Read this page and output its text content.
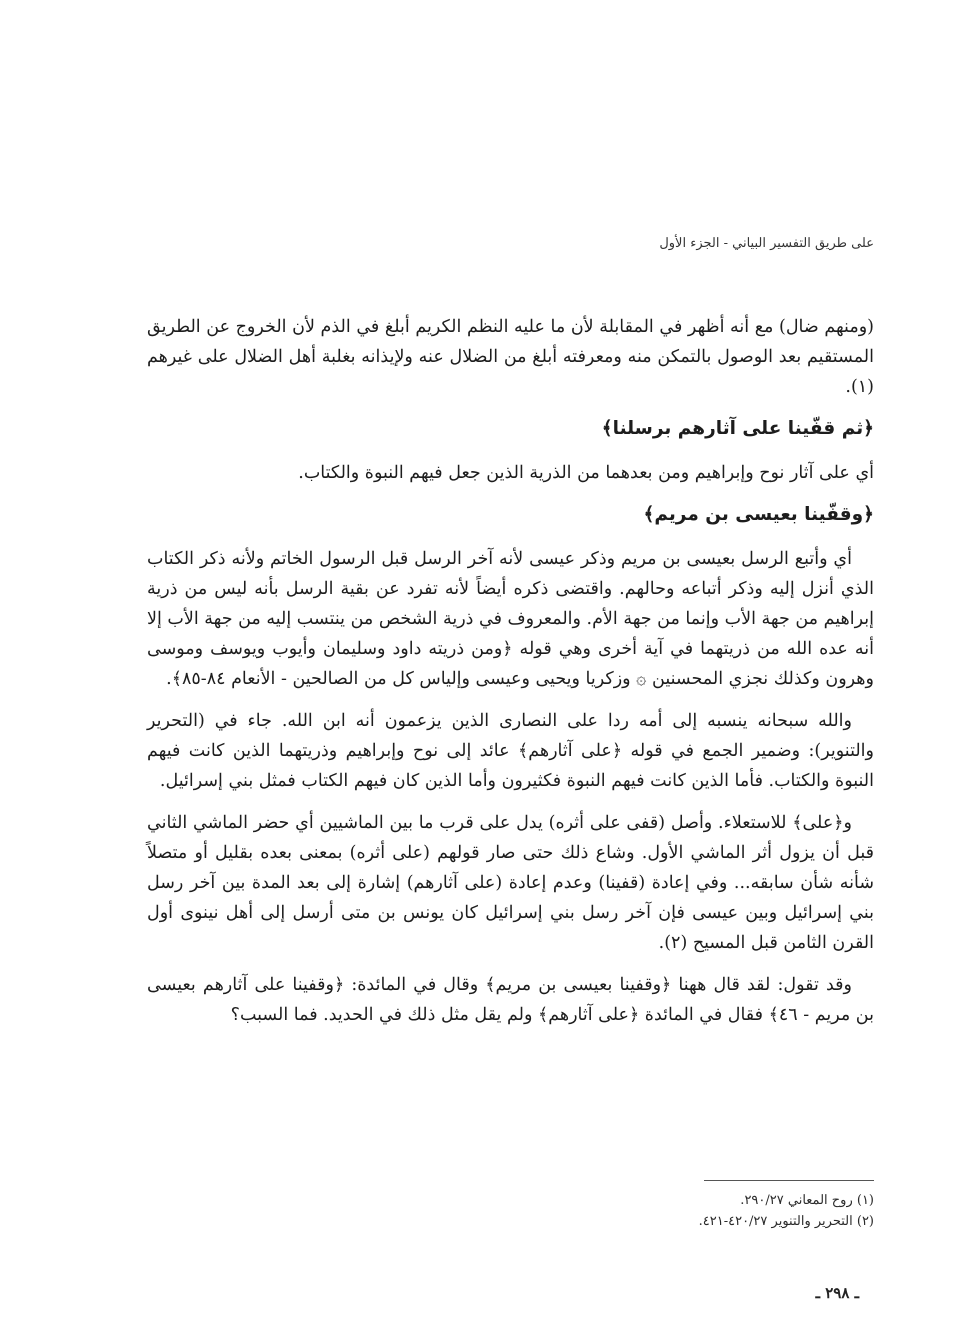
على طريق التفسير البياني - الجزء الأول

(ومنهم ضال) مع أنه أظهر في المقابلة لأن ما عليه النظم الكريم أبلغ في الذم لأن الخروج عن الطريق المستقيم بعد الوصول بالتمكن منه ومعرفته أبلغ من الضلال عنه ولإيذانه بغلبة أهل الضلال على غيرهم (١).

﴿ثم قفّينا على آثارهم برسلنا﴾

أي على آثار نوح وإبراهيم ومن بعدهما من الذرية الذين جعل فيهم النبوة والكتاب.

﴿وقفّينا بعيسى بن مريم﴾

أي وأتبع الرسل بعيسى بن مريم وذكر عيسى لأنه آخر الرسل قبل الرسول الخاتم ولأنه ذكر الكتاب الذي أنزل إليه وذكر أتباعه وحالهم. واقتضى ذكره أيضاً لأنه تفرد عن بقية الرسل بأنه ليس من ذرية إبراهيم من جهة الأب وإنما من جهة الأم. والمعروف في ذرية الشخص من ينتسب إليه من جهة الأب إلا أنه عده الله من ذريتهما في آية أخرى وهي قوله ﴿ومن ذريته داود وسليمان وأيوب ويوسف وموسى وهرون وكذلك نجزي المحسنين ۞ وزكريا ويحيى وعيسى وإلياس كل من الصالحين - الأنعام ٨٤-٨٥﴾.

والله سبحانه ينسبه إلى أمه ردا على النصارى الذين يزعمون أنه ابن الله. جاء في (التحرير والتنوير): وضمير الجمع في قوله ﴿على آثارهم﴾ عائد إلى نوح وإبراهيم وذريتهما الذين كانت فيهم النبوة والكتاب. فأما الذين كانت فيهم النبوة فكثيرون وأما الذين كان فيهم الكتاب فمثل بني إسرائيل.

و﴿على﴾ للاستعلاء. وأصل (قفى على أثره) يدل على قرب ما بين الماشيين أي حضر الماشي الثاني قبل أن يزول أثر الماشي الأول. وشاع ذلك حتى صار قولهم (على أثره) بمعنى بعده بقليل أو متصلاً شأنه شأن سابقه... وفي إعادة (قفينا) وعدم إعادة (على آثارهم) إشارة إلى بعد المدة بين آخر رسل بني إسرائيل وبين عيسى فإن آخر رسل بني إسرائيل كان يونس بن متى أرسل إلى أهل نينوى أول القرن الثامن قبل المسيح (٢).

وقد تقول: لقد قال ههنا ﴿وقفينا بعيسى بن مريم﴾ وقال في المائدة: ﴿وقفينا على آثارهم بعيسى بن مريم - ٤٦﴾ فقال في المائدة ﴿على آثارهم﴾ ولم يقل مثل ذلك في الحديد. فما السبب؟

(١) روح المعاني ٢٩٠/٢٧.

(٢) التحرير والتنوير ٤٢٠/٢٧-٤٢١.

ـ ٢٩٨ ـ
